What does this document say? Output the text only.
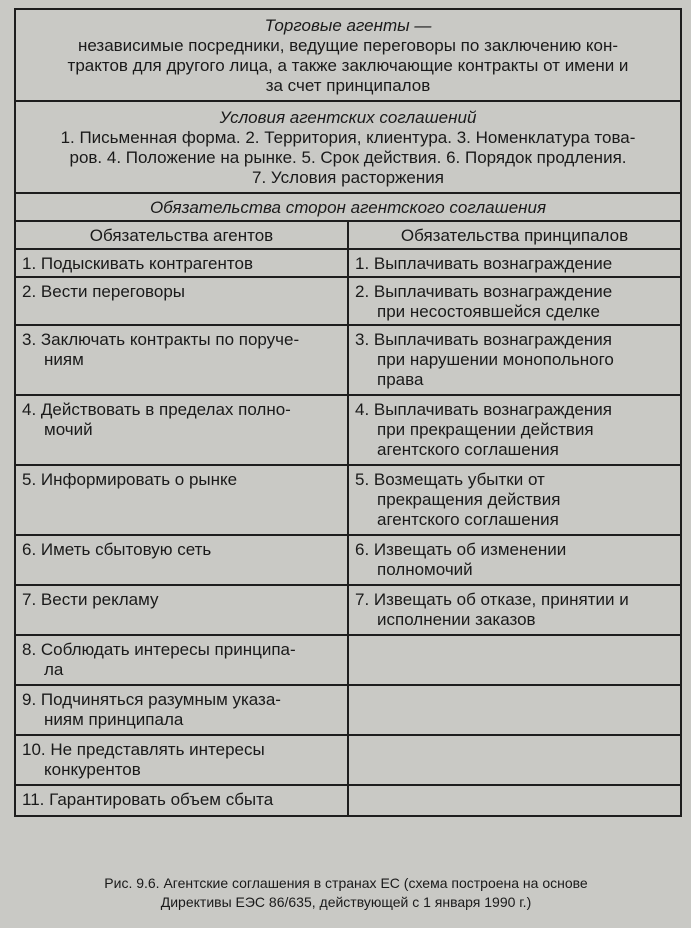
Торговые агенты —
независимые посредники, ведущие переговоры по заключению кон-
трактов для другого лица, а также заключающие контракты от имени и
за счет принципалов
Условия агентских соглашений
1. Письменная форма. 2. Территория, клиентура. 3. Номенклатура това-
ров. 4. Положение на рынке. 5. Срок действия. 6. Порядок продления.
7. Условия расторжения
Обязательства сторон агентского соглашения
Обязательства агентов	Обязательства принципалов

1. Подыскивать контрагентов	1. Выплачивать вознаграждение

2. Вести переговоры	2. Выплачивать вознаграждение
при несостоявшейся сделке

3. Заключать контракты по поруче-
ниям	3. Выплачивать вознаграждения
при нарушении монопольного
права

4. Действовать в пределах полно-
мочий	4. Выплачивать вознаграждения
при прекращении действия
агентского соглашения

5. Информировать о рынке	5. Возмещать убытки от
прекращения действия
агентского соглашения

6. Иметь сбытовую сеть	6. Извещать об изменении
полномочий

7. Вести рекламу	7. Извещать об отказе, принятии и
исполнении заказов

8. Соблюдать интересы принципа-
ла	

9. Подчиняться разумным указа-
ниям принципала	

10. Не представлять интересы
конкурентов	

11. Гарантировать объем сбыта	

Рис. 9.6. Агентские соглашения в странах ЕС (схема построена на основе
Директивы ЕЭС 86/635, действующей с 1 января 1990 г.)
